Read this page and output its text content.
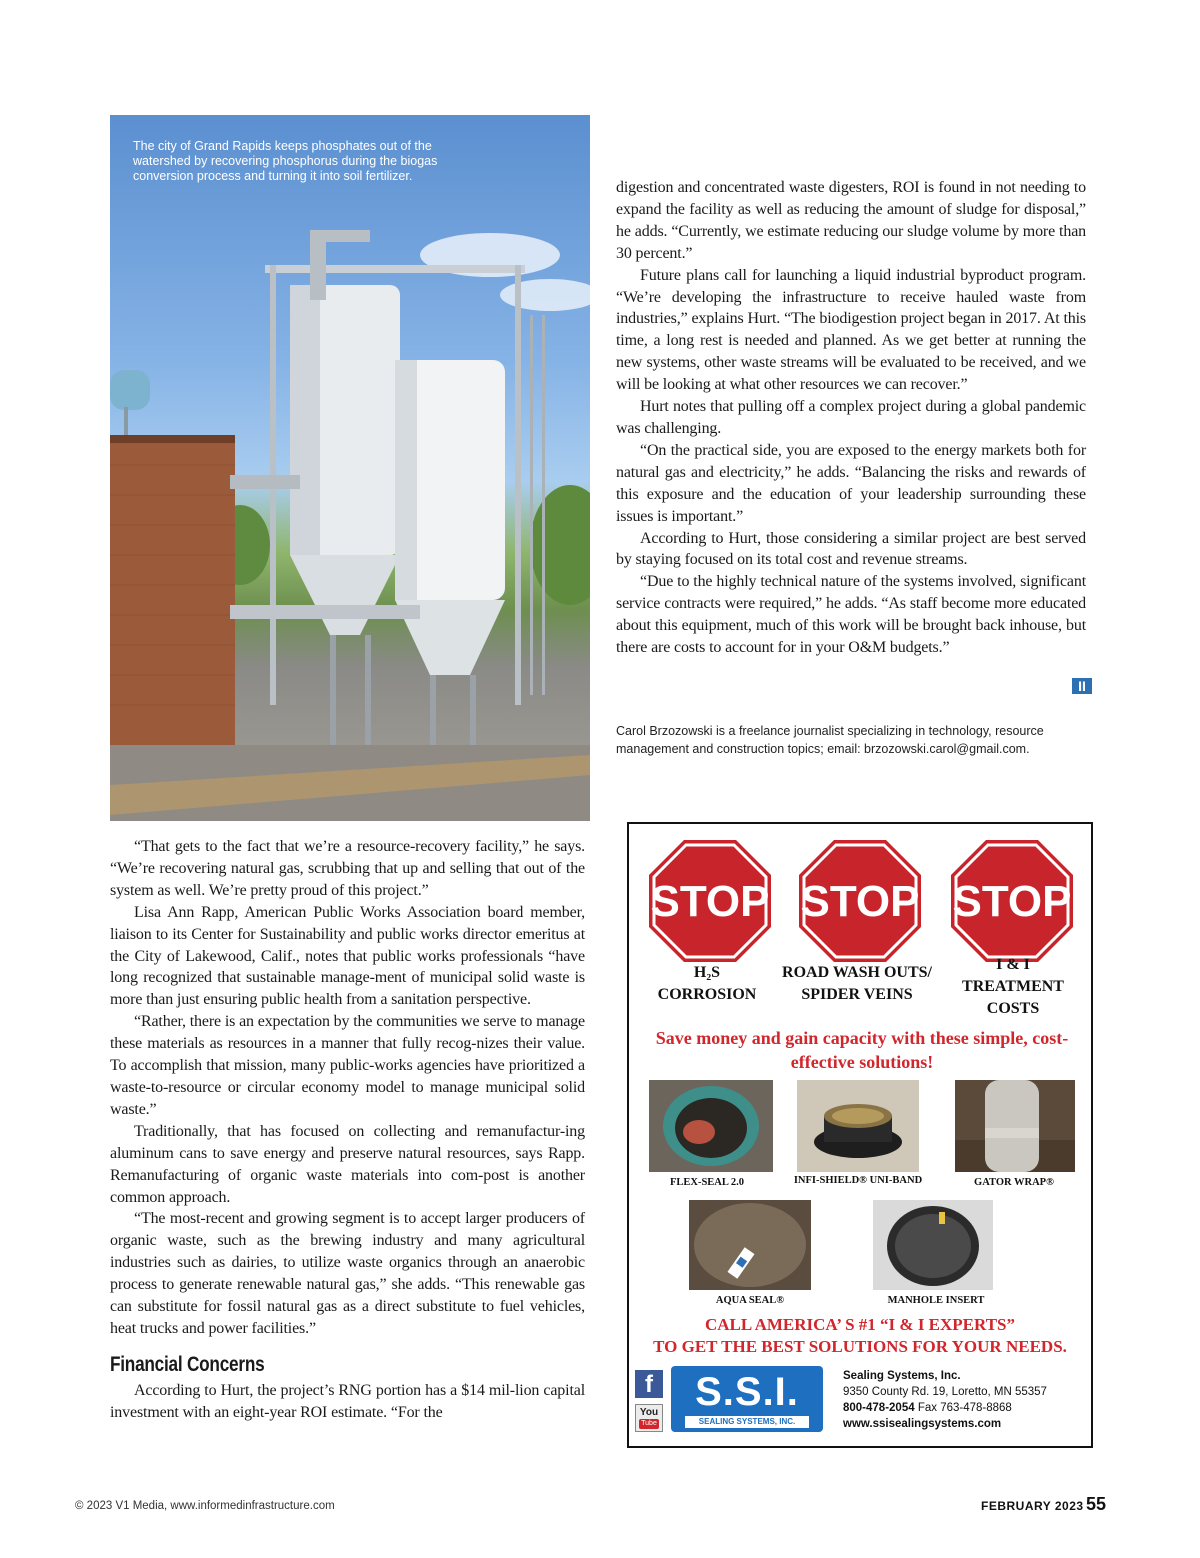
The city of Grand Rapids keeps phosphates out of the watershed by recovering phosphorus during the biogas conversion process and turning it into soil fertilizer.

digestion and concentrated waste digesters, ROI is found in not needing to expand the facility as well as reducing the amount of sludge for disposal,” he adds. “Currently, we estimate reducing our sludge volume by more than 30 percent.”

Future plans call for launching a liquid industrial byproduct program. “We’re developing the infrastructure to receive hauled waste from industries,” explains Hurt. “The biodigestion project began in 2017. At this time, a long rest is needed and planned. As we get better at running the new systems, other waste streams will be evaluated to be received, and we will be looking at what other resources we can recover.”

Hurt notes that pulling off a complex project during a global pandemic was challenging.

“On the practical side, you are exposed to the energy markets both for natural gas and electricity,” he adds. “Balancing the risks and rewards of this exposure and the education of your leadership surrounding these issues is important.”

According to Hurt, those considering a similar project are best served by staying focused on its total cost and revenue streams.

“Due to the highly technical nature of the systems involved, significant service contracts were required,” he adds. “As staff become more educated about this equipment, much of this work will be brought back inhouse, but there are costs to account for in your O&M budgets.”

II
Carol Brzozowski is a freelance journalist specializing in technology, resource management and construction topics; email: brzozowski.carol@gmail.com.

“That gets to the fact that we’re a resource-recovery facility,” he says. “We’re recovering natural gas, scrubbing that up and selling that out of the system as well. We’re pretty proud of this project.”

Lisa Ann Rapp, American Public Works Association board member, liaison to its Center for Sustainability and public works director emeritus at the City of Lakewood, Calif., notes that public works professionals “have long recognized that sustainable manage-ment of municipal solid waste is more than just ensuring public health from a sanitation perspective.

“Rather, there is an expectation by the communities we serve to manage these materials as resources in a manner that fully recog-nizes their value. To accomplish that mission, many public-works agencies have prioritized a waste-to-resource or circular economy model to manage municipal solid waste.”

Traditionally, that has focused on collecting and remanufactur-ing aluminum cans to save energy and preserve natural resources, says Rapp. Remanufacturing of organic waste materials into com-post is another common approach.

“The most-recent and growing segment is to accept larger producers of organic waste, such as the brewing industry and many agricultural industries such as dairies, to utilize waste organics through an anaerobic process to generate renewable natural gas,” she adds. “This renewable gas can substitute for fossil natural gas as a direct substitute to fuel vehicles, heat trucks and power facilities.”

Financial Concerns

According to Hurt, the project’s RNG portion has a $14 mil-lion capital investment with an eight-year ROI estimate. “For the

STOP STOP STOP
H₂S
CORROSION
ROAD WASH OUTS/
SPIDER VEINS
I & I
TREATMENT
COSTS
Save money and gain capacity with these simple, cost-effective solutions!
FLEX-SEAL 2.0	INFI-SHIELD® UNI-BAND	GATOR WRAP®
AQUA SEAL®	MANHOLE INSERT
CALL AMERICA’ S #1 “I & I EXPERTS”
TO GET THE BEST SOLUTIONS FOR YOUR NEEDS.
f
You
Tube
S.S.I.
SEALING SYSTEMS, INC.
Sealing Systems, Inc.
9350 County Rd. 19, Loretto, MN 55357
800-478-2054 Fax 763-478-8868
www.ssisealingsystems.com
© 2023 V1 Media, www.informedinfrastructure.com	FEBRUARY 2023 55
